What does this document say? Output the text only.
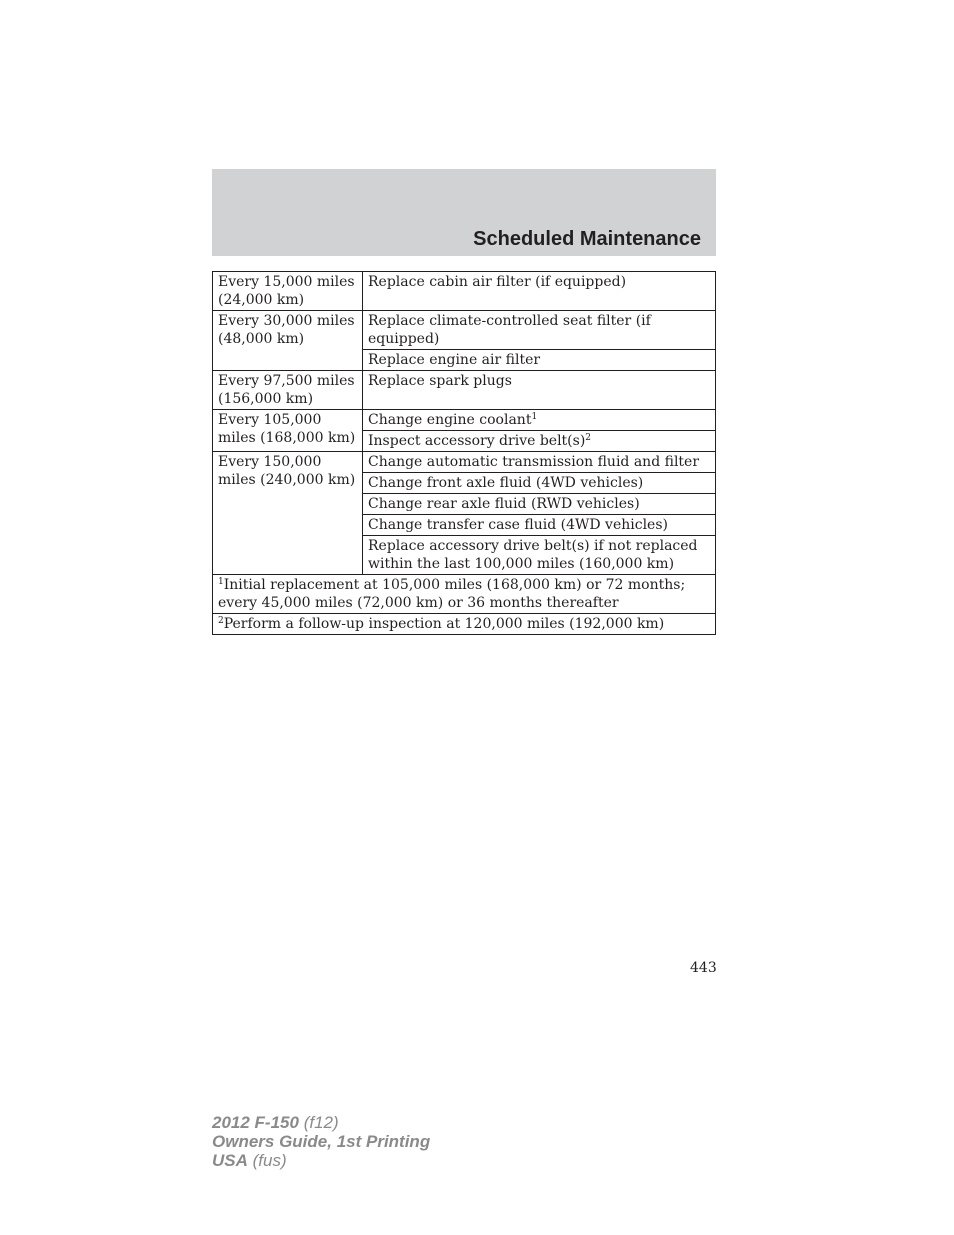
Scheduled Maintenance
Every 15,000 miles (24,000 km)	Replace cabin air filter (if equipped)
Every 30,000 miles (48,000 km)	Replace climate-controlled seat filter (if equipped)
	Replace engine air filter
Every 97,500 miles (156,000 km)	Replace spark plugs
Every 105,000 miles (168,000 km)	Change engine coolant$^1$
	Inspect accessory drive $belt(s)^2$
Every 150,000 miles (240,000 km)	Change automatic transmission fluid and filter
	Change front axle fluid (4WD vehicles)
	Change rear axle fluid (RWD vehicles)
	Change transfer case fluid (4WD vehicles)
	Replace accessory drive belt(s) if not replaced within the last 100,000 miles (160,000 km)
$^1$Initial replacement at 105,000 miles (168,000 km) or 72 months; every 45,000 miles (72,000 km) or 36 months thereafter	
$^2$Perform a follow-up inspection at 120,000 miles (192,000 km)	
443
2012 F-150 (f12)
Owners Guide, 1st Printing
USA (fus)
